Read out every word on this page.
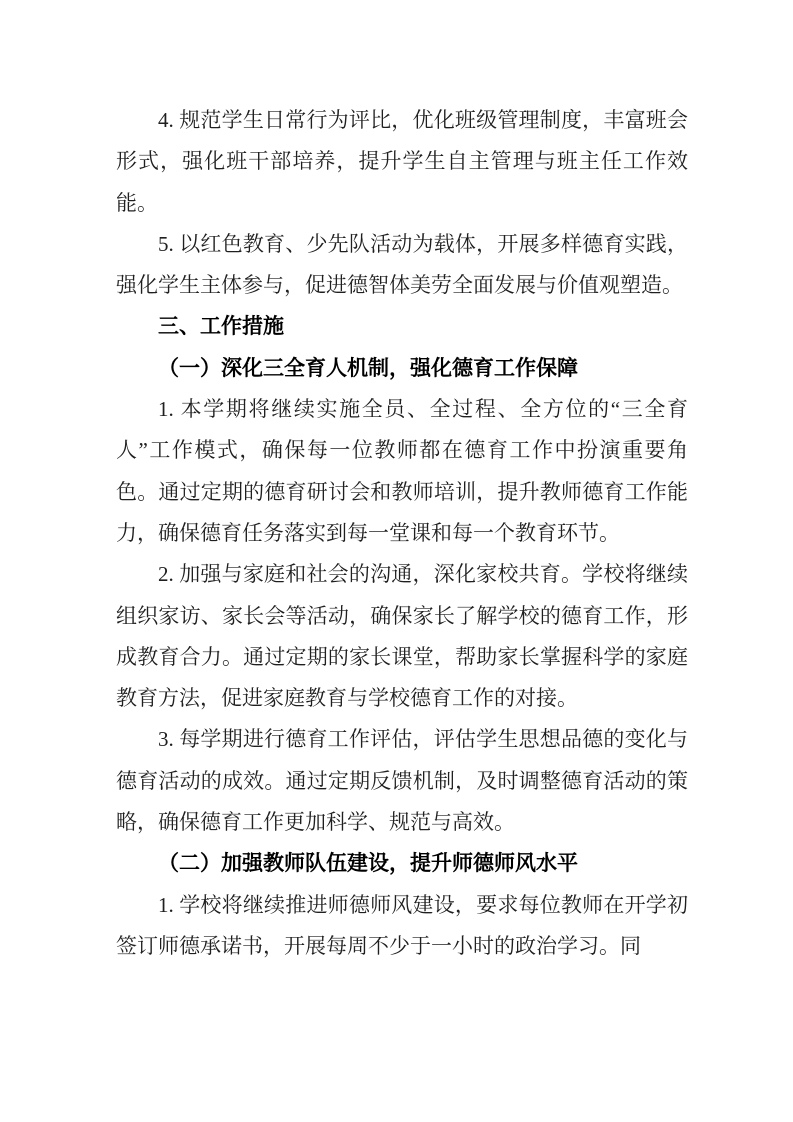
4. 规范学生日常行为评比，优化班级管理制度，丰富班会形式，强化班干部培养，提升学生自主管理与班主任工作效能。

5. 以红色教育、少先队活动为载体，开展多样德育实践，强化学生主体参与，促进德智体美劳全面发展与价值观塑造。

三、工作措施

（一）深化三全育人机制，强化德育工作保障

1. 本学期将继续实施全员、全过程、全方位的“三全育人”工作模式，确保每一位教师都在德育工作中扮演重要角色。通过定期的德育研讨会和教师培训，提升教师德育工作能力，确保德育任务落实到每一堂课和每一个教育环节。

2. 加强与家庭和社会的沟通，深化家校共育。学校将继续组织家访、家长会等活动，确保家长了解学校的德育工作，形成教育合力。通过定期的家长课堂，帮助家长掌握科学的家庭教育方法，促进家庭教育与学校德育工作的对接。

3. 每学期进行德育工作评估，评估学生思想品德的变化与德育活动的成效。通过定期反馈机制，及时调整德育活动的策略，确保德育工作更加科学、规范与高效。

（二）加强教师队伍建设，提升师德师风水平

1. 学校将继续推进师德师风建设，要求每位教师在开学初签订师德承诺书，开展每周不少于一小时的政治学习。同
